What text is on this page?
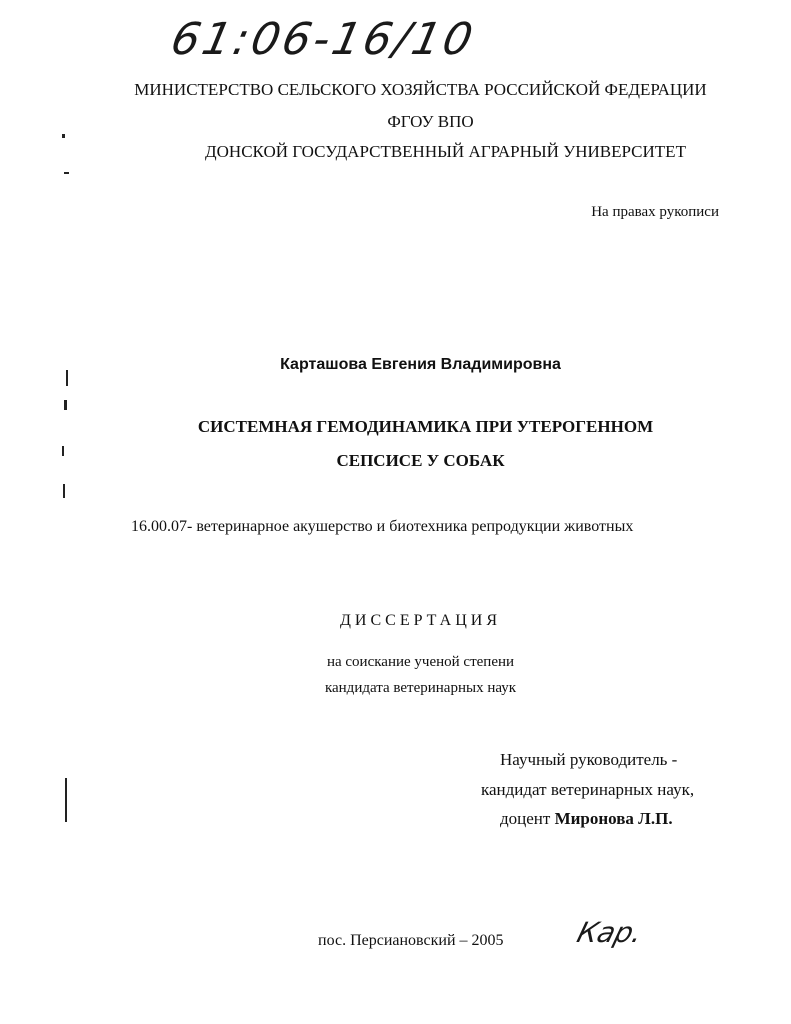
61:06-16/10
МИНИСТЕРСТВО СЕЛЬСКОГО ХОЗЯЙСТВА РОССИЙСКОЙ ФЕДЕРАЦИИ
ФГОУ ВПО
ДОНСКОЙ ГОСУДАРСТВЕННЫЙ АГРАРНЫЙ УНИВЕРСИТЕТ
На правах рукописи
Карташова Евгения Владимировна
СИСТЕМНАЯ ГЕМОДИНАМИКА ПРИ УТЕРОГЕННОМ
СЕПСИСЕ У СОБАК
16.00.07- ветеринарное акушерство и биотехника репродукции животных
ДИССЕРТАЦИЯ
на соискание ученой степени
кандидата ветеринарных наук
Научный руководитель -
кандидат ветеринарных наук,
доцент Миронова Л.П.
пос. Персиановский – 2005	Кар.
